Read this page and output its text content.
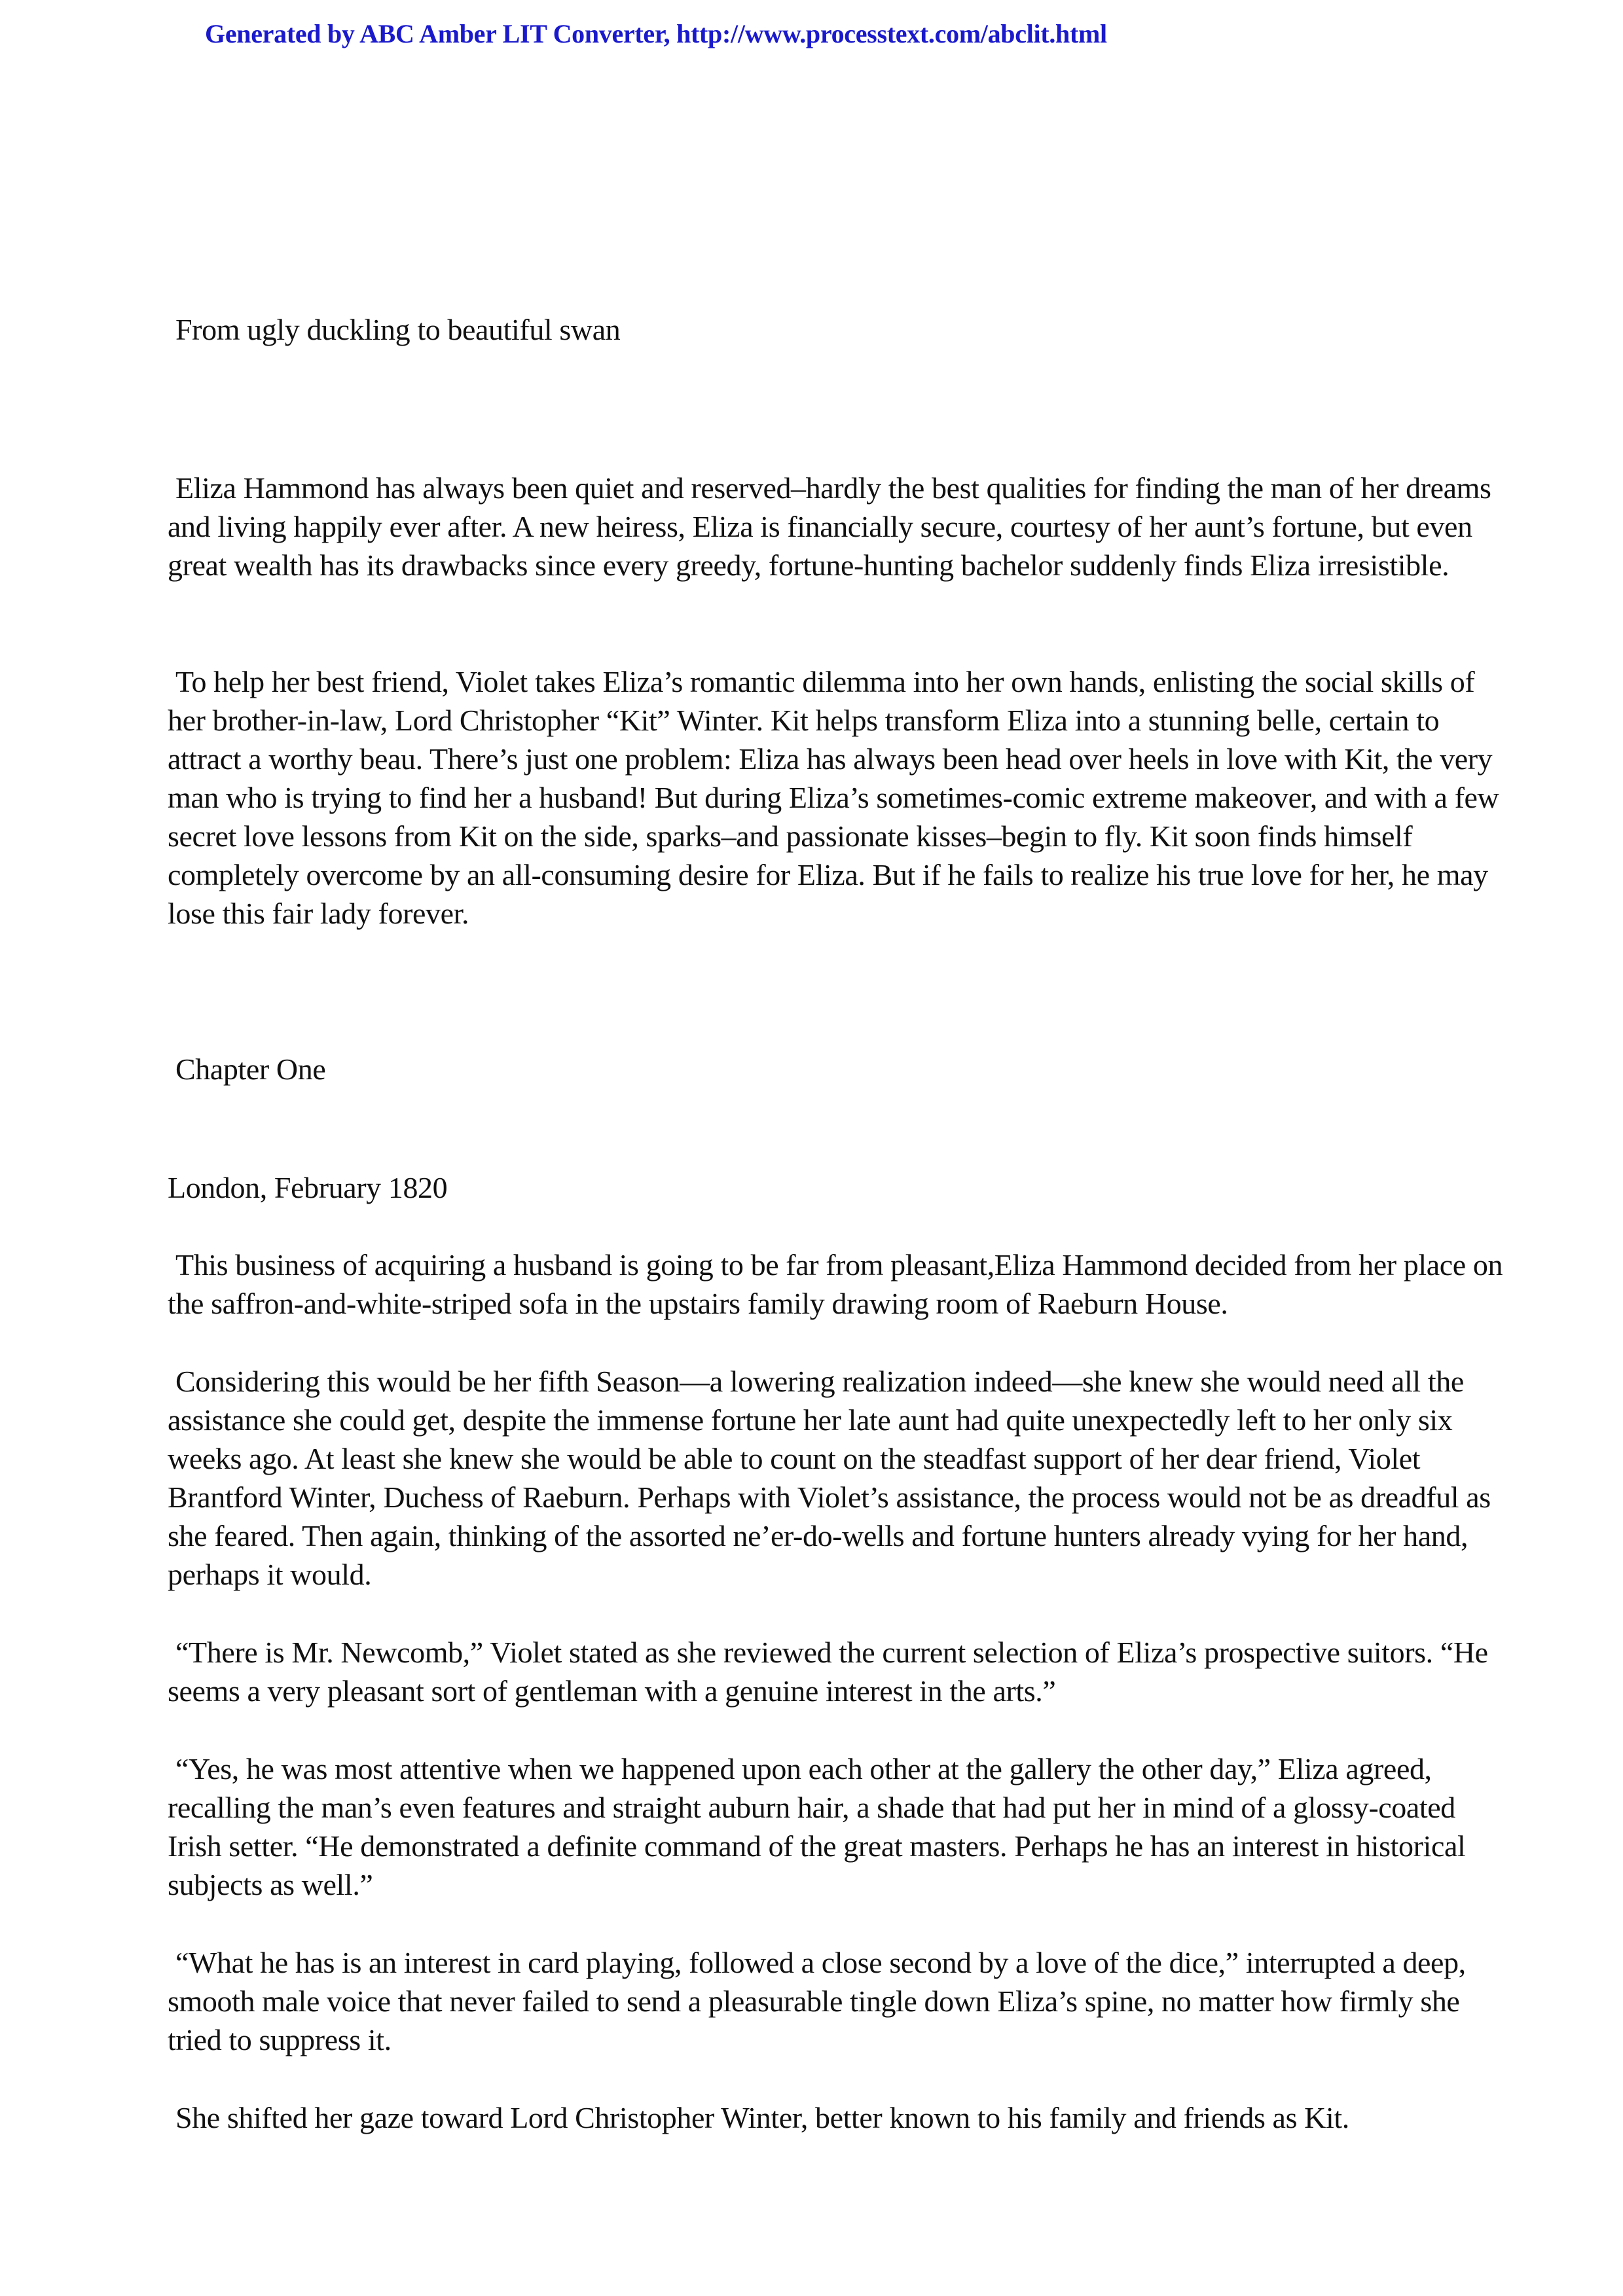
Generated by ABC Amber LIT Converter, http://www.processtext.com/abclit.html

From ugly duckling to beautiful swan

Eliza Hammond has always been quiet and reserved–hardly the best qualities for finding the man of her dreams and living happily ever after. A new heiress, Eliza is financially secure, courtesy of her aunt’s fortune, but even great wealth has its drawbacks since every greedy, fortune-hunting bachelor suddenly finds Eliza irresistible.

To help her best friend, Violet takes Eliza’s romantic dilemma into her own hands, enlisting the social skills of her brother-in-law, Lord Christopher “Kit” Winter. Kit helps transform Eliza into a stunning belle, certain to attract a worthy beau. There’s just one problem: Eliza has always been head over heels in love with Kit, the very man who is trying to find her a husband! But during Eliza’s sometimes-comic extreme makeover, and with a few secret love lessons from Kit on the side, sparks–and passionate kisses–begin to fly. Kit soon finds himself completely overcome by an all-consuming desire for Eliza. But if he fails to realize his true love for her, he may lose this fair lady forever.

Chapter One

London, February 1820

This business of acquiring a husband is going to be far from pleasant,Eliza Hammond decided from her place on the saffron-and-white-striped sofa in the upstairs family drawing room of Raeburn House.

Considering this would be her fifth Season—a lowering realization indeed—she knew she would need all the assistance she could get, despite the immense fortune her late aunt had quite unexpectedly left to her only six weeks ago. At least she knew she would be able to count on the steadfast support of her dear friend, Violet Brantford Winter, Duchess of Raeburn. Perhaps with Violet’s assistance, the process would not be as dreadful as she feared. Then again, thinking of the assorted ne’er-do-wells and fortune hunters already vying for her hand, perhaps it would.

“There is Mr. Newcomb,” Violet stated as she reviewed the current selection of Eliza’s prospective suitors. “He seems a very pleasant sort of gentleman with a genuine interest in the arts.”

“Yes, he was most attentive when we happened upon each other at the gallery the other day,” Eliza agreed, recalling the man’s even features and straight auburn hair, a shade that had put her in mind of a glossy-coated Irish setter. “He demonstrated a definite command of the great masters. Perhaps he has an interest in historical subjects as well.”

“What he has is an interest in card playing, followed a close second by a love of the dice,” interrupted a deep, smooth male voice that never failed to send a pleasurable tingle down Eliza’s spine, no matter how firmly she tried to suppress it.

She shifted her gaze toward Lord Christopher Winter, better known to his family and friends as Kit.
